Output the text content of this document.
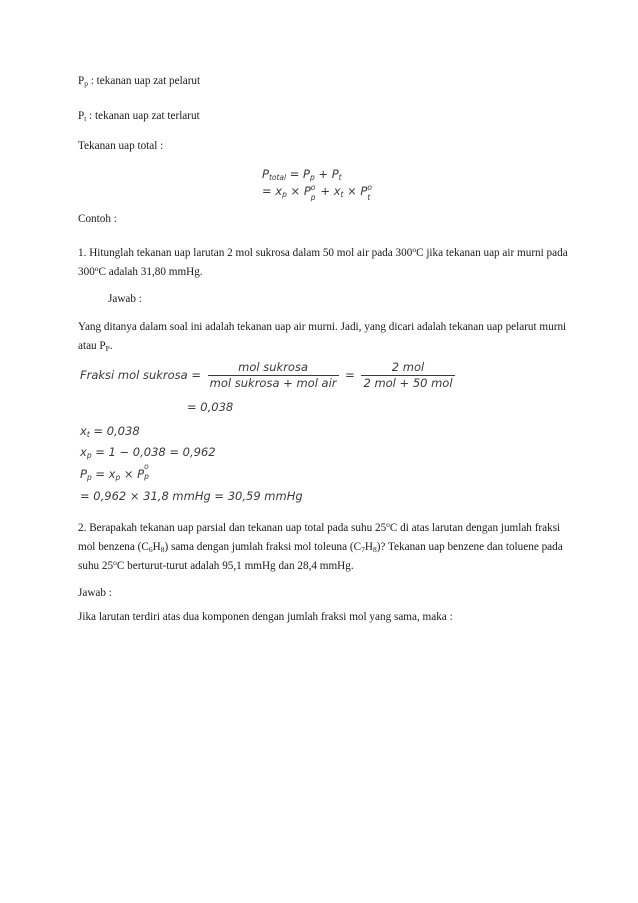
$P_p$ : tekanan uap zat pelarut

$P_t$ : tekanan uap zat terlarut

Tekanan uap total :

Ptotal = Pp + Pt
= xp × P o
p + xt × P o
t

Contoh :

1. Hitunglah tekanan uap larutan 2 mol sukrosa dalam 50 mol air pada 300$^o$C jika tekanan uap air murni pada 300$^o$C adalah 31,80 mmHg.

Jawab :

Yang ditanya dalam soal ini adalah tekanan uap air murni. Jadi, yang dicari adalah tekanan uap pelarut murni atau $P_P$.

Fraksi mol sukrosa = $\frac{\text{mol sukrosa}}{\text{mol sukrosa + mol air}} = \frac{\text{2 mol}}{\text{2 mol + 50 mol}}$
= 0,038
xt = 0,038
xp = 1 − 0,038 = 0,962
Pp = xp × P
o
p
= 0,962 × 31,8 mmHg = 30,59 mmHg

2. Berapakah tekanan uap parsial dan tekanan uap total pada suhu 25$^o$C di atas larutan dengan jumlah fraksi mol benzena $(C_6H_8)$ sama dengan jumlah fraksi mol toleuna $(C_7H_8)$? Tekanan uap benzene dan toluene pada suhu 25$^o$C berturut-turut adalah 95,1 mmHg dan 28,4 mmHg.

Jawab :

Jika larutan terdiri atas dua komponen dengan jumlah fraksi mol yang sama, maka :
